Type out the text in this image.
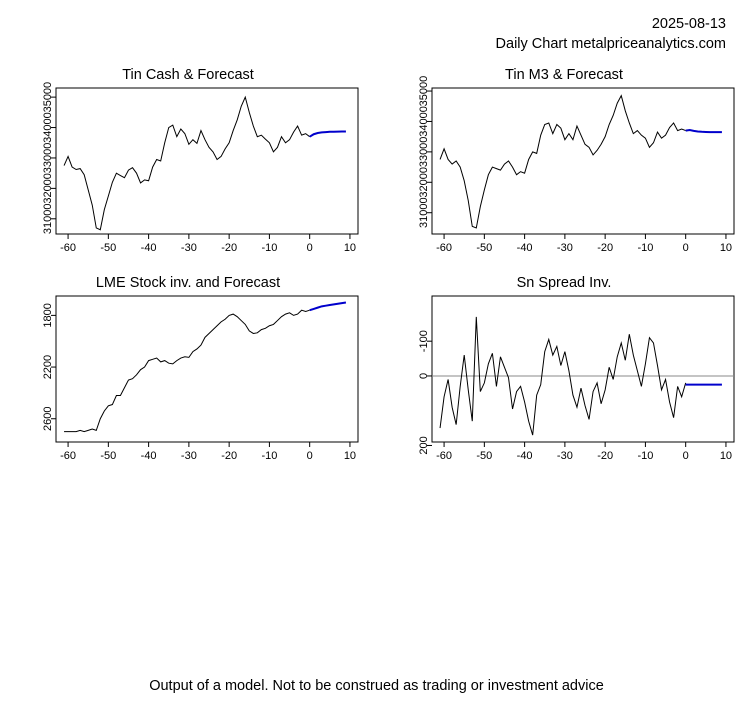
2025-08-13
Daily Chart metalpriceanalytics.com
Tin Cash & Forecast
-60 -50 -40 -30 -20 -10	0	10
31000
32000
33000
34000
35000
Tin M3 & Forecast
-60 -50 -40 -30 -20 -10	0	10
31000
32000
33000
34000
35000
LME Stock inv. and Forecast
-60 -50 -40 -30 -20 -10	0	10
1800
2200
2600
Sn Spread Inv.
-60 -50 -40 -30 -20 -10	0	10
-100
0
200
Output of a model. Not to be construed as trading or investment advice
